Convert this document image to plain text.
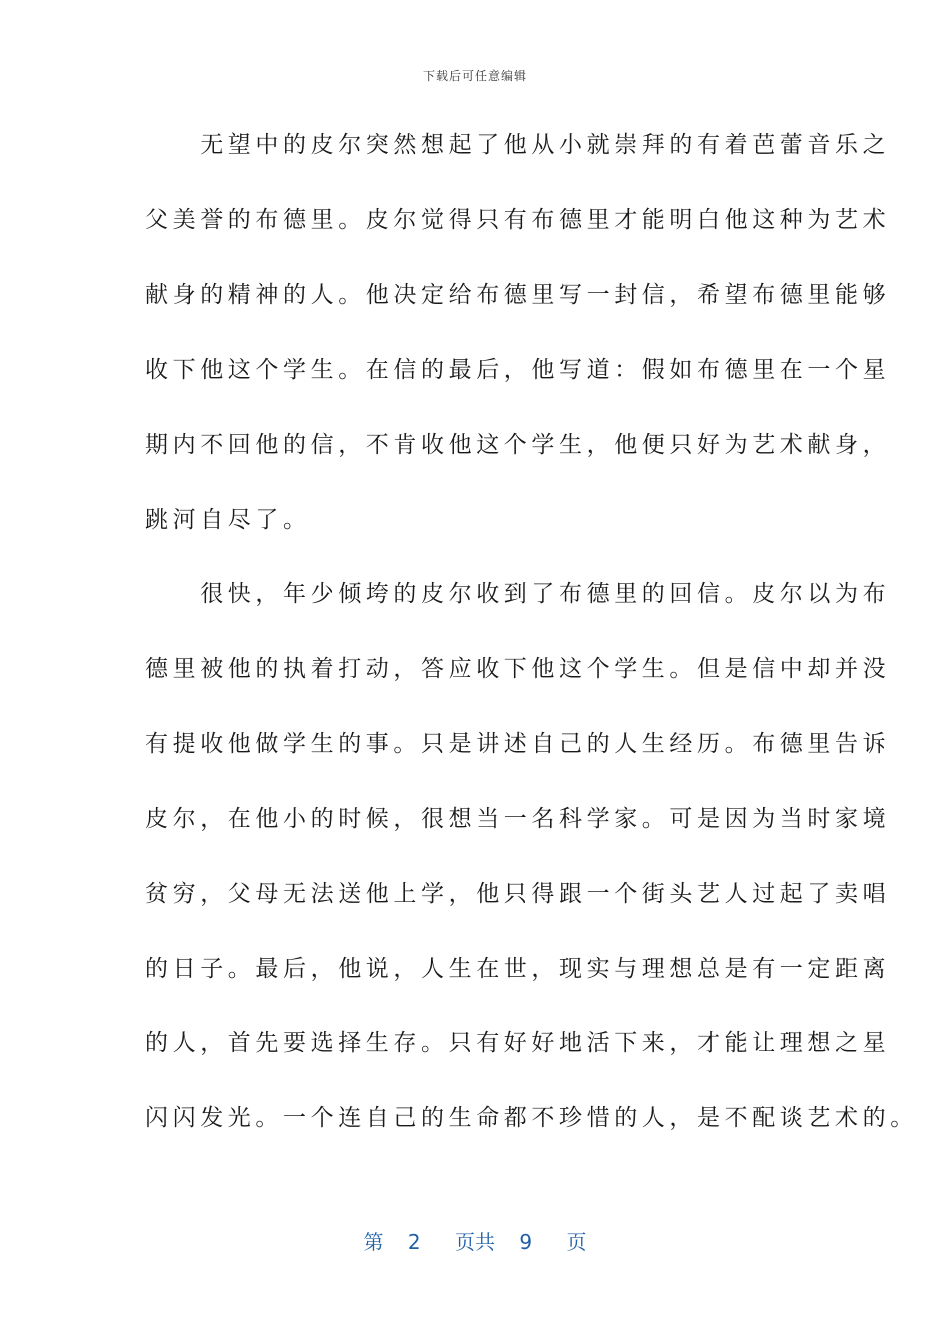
下载后可任意编辑
　　无望中的皮尔突然想起了他从小就崇拜的有着芭蕾音乐之
父美誉的布德里。皮尔觉得只有布德里才能明白他这种为艺术
献身的精神的人。他决定给布德里写一封信，希望布德里能够
收下他这个学生。在信的最后，他写道：假如布德里在一个星
期内不回他的信，不肯收他这个学生，他便只好为艺术献身，
跳河自尽了。
　　很快，年少倾垮的皮尔收到了布德里的回信。皮尔以为布
德里被他的执着打动，答应收下他这个学生。但是信中却并没
有提收他做学生的事。只是讲述自己的人生经历。布德里告诉
皮尔，在他小的时候，很想当一名科学家。可是因为当时家境
贫穷，父母无法送他上学，他只得跟一个街头艺人过起了卖唱
的日子。最后，他说，人生在世，现实与理想总是有一定距离
的人，首先要选择生存。只有好好地活下来，才能让理想之星
闪闪发光。一个连自己的生命都不珍惜的人，是不配谈艺术的。
第 2 页共 9 页
